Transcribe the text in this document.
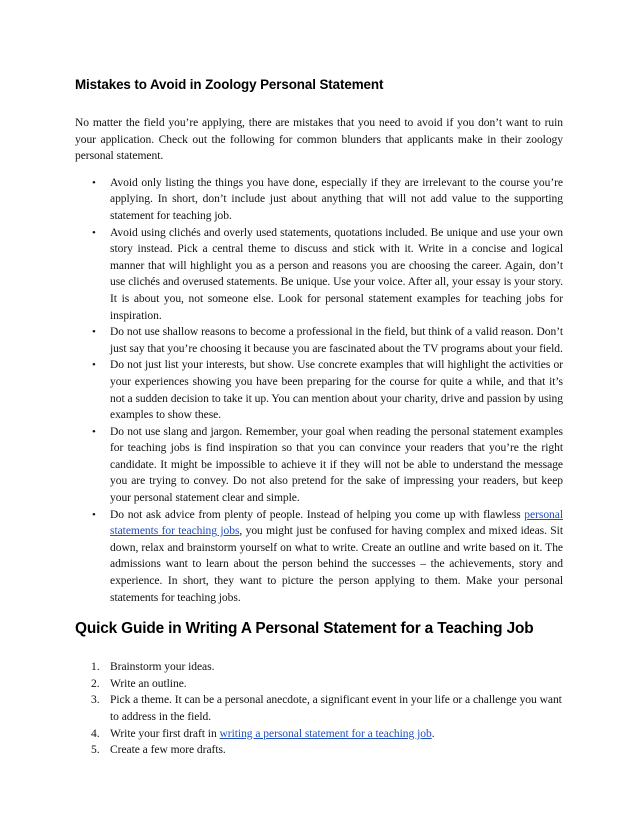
Mistakes to Avoid in Zoology Personal Statement

No matter the field you’re applying, there are mistakes that you need to avoid if you don’t want to ruin your application. Check out the following for common blunders that applicants make in their zoology personal statement.

• Avoid only listing the things you have done, especially if they are irrelevant to the course you’re applying. In short, don’t include just about anything that will not add value to the supporting statement for teaching job.
• Avoid using clichés and overly used statements, quotations included. Be unique and use your own story instead. Pick a central theme to discuss and stick with it. Write in a concise and logical manner that will highlight you as a person and reasons you are choosing the career. Again, don’t use clichés and overused statements. Be unique. Use your voice. After all, your essay is your story. It is about you, not someone else. Look for personal statement examples for teaching jobs for inspiration.
• Do not use shallow reasons to become a professional in the field, but think of a valid reason. Don’t just say that you’re choosing it because you are fascinated about the TV programs about your field.
• Do not just list your interests, but show. Use concrete examples that will highlight the activities or your experiences showing you have been preparing for the course for quite a while, and that it’s not a sudden decision to take it up. You can mention about your charity, drive and passion by using examples to show these.
• Do not use slang and jargon. Remember, your goal when reading the personal statement examples for teaching jobs is find inspiration so that you can convince your readers that you’re the right candidate. It might be impossible to achieve it if they will not be able to understand the message you are trying to convey. Do not also pretend for the sake of impressing your readers, but keep your personal statement clear and simple.
• Do not ask advice from plenty of people. Instead of helping you come up with flawless personal statements for teaching jobs, you might just be confused for having complex and mixed ideas. Sit down, relax and brainstorm yourself on what to write. Create an outline and write based on it. The admissions want to learn about the person behind the successes – the achievements, story and experience. In short, they want to picture the person applying to them. Make your personal statements for teaching jobs.
Quick Guide in Writing A Personal Statement for a Teaching Job
1. Brainstorm your ideas.
2. Write an outline.
3. Pick a theme. It can be a personal anecdote, a significant event in your life or a challenge you want to address in the field.
4. Write your first draft in writing a personal statement for a teaching job.
5. Create a few more drafts.
